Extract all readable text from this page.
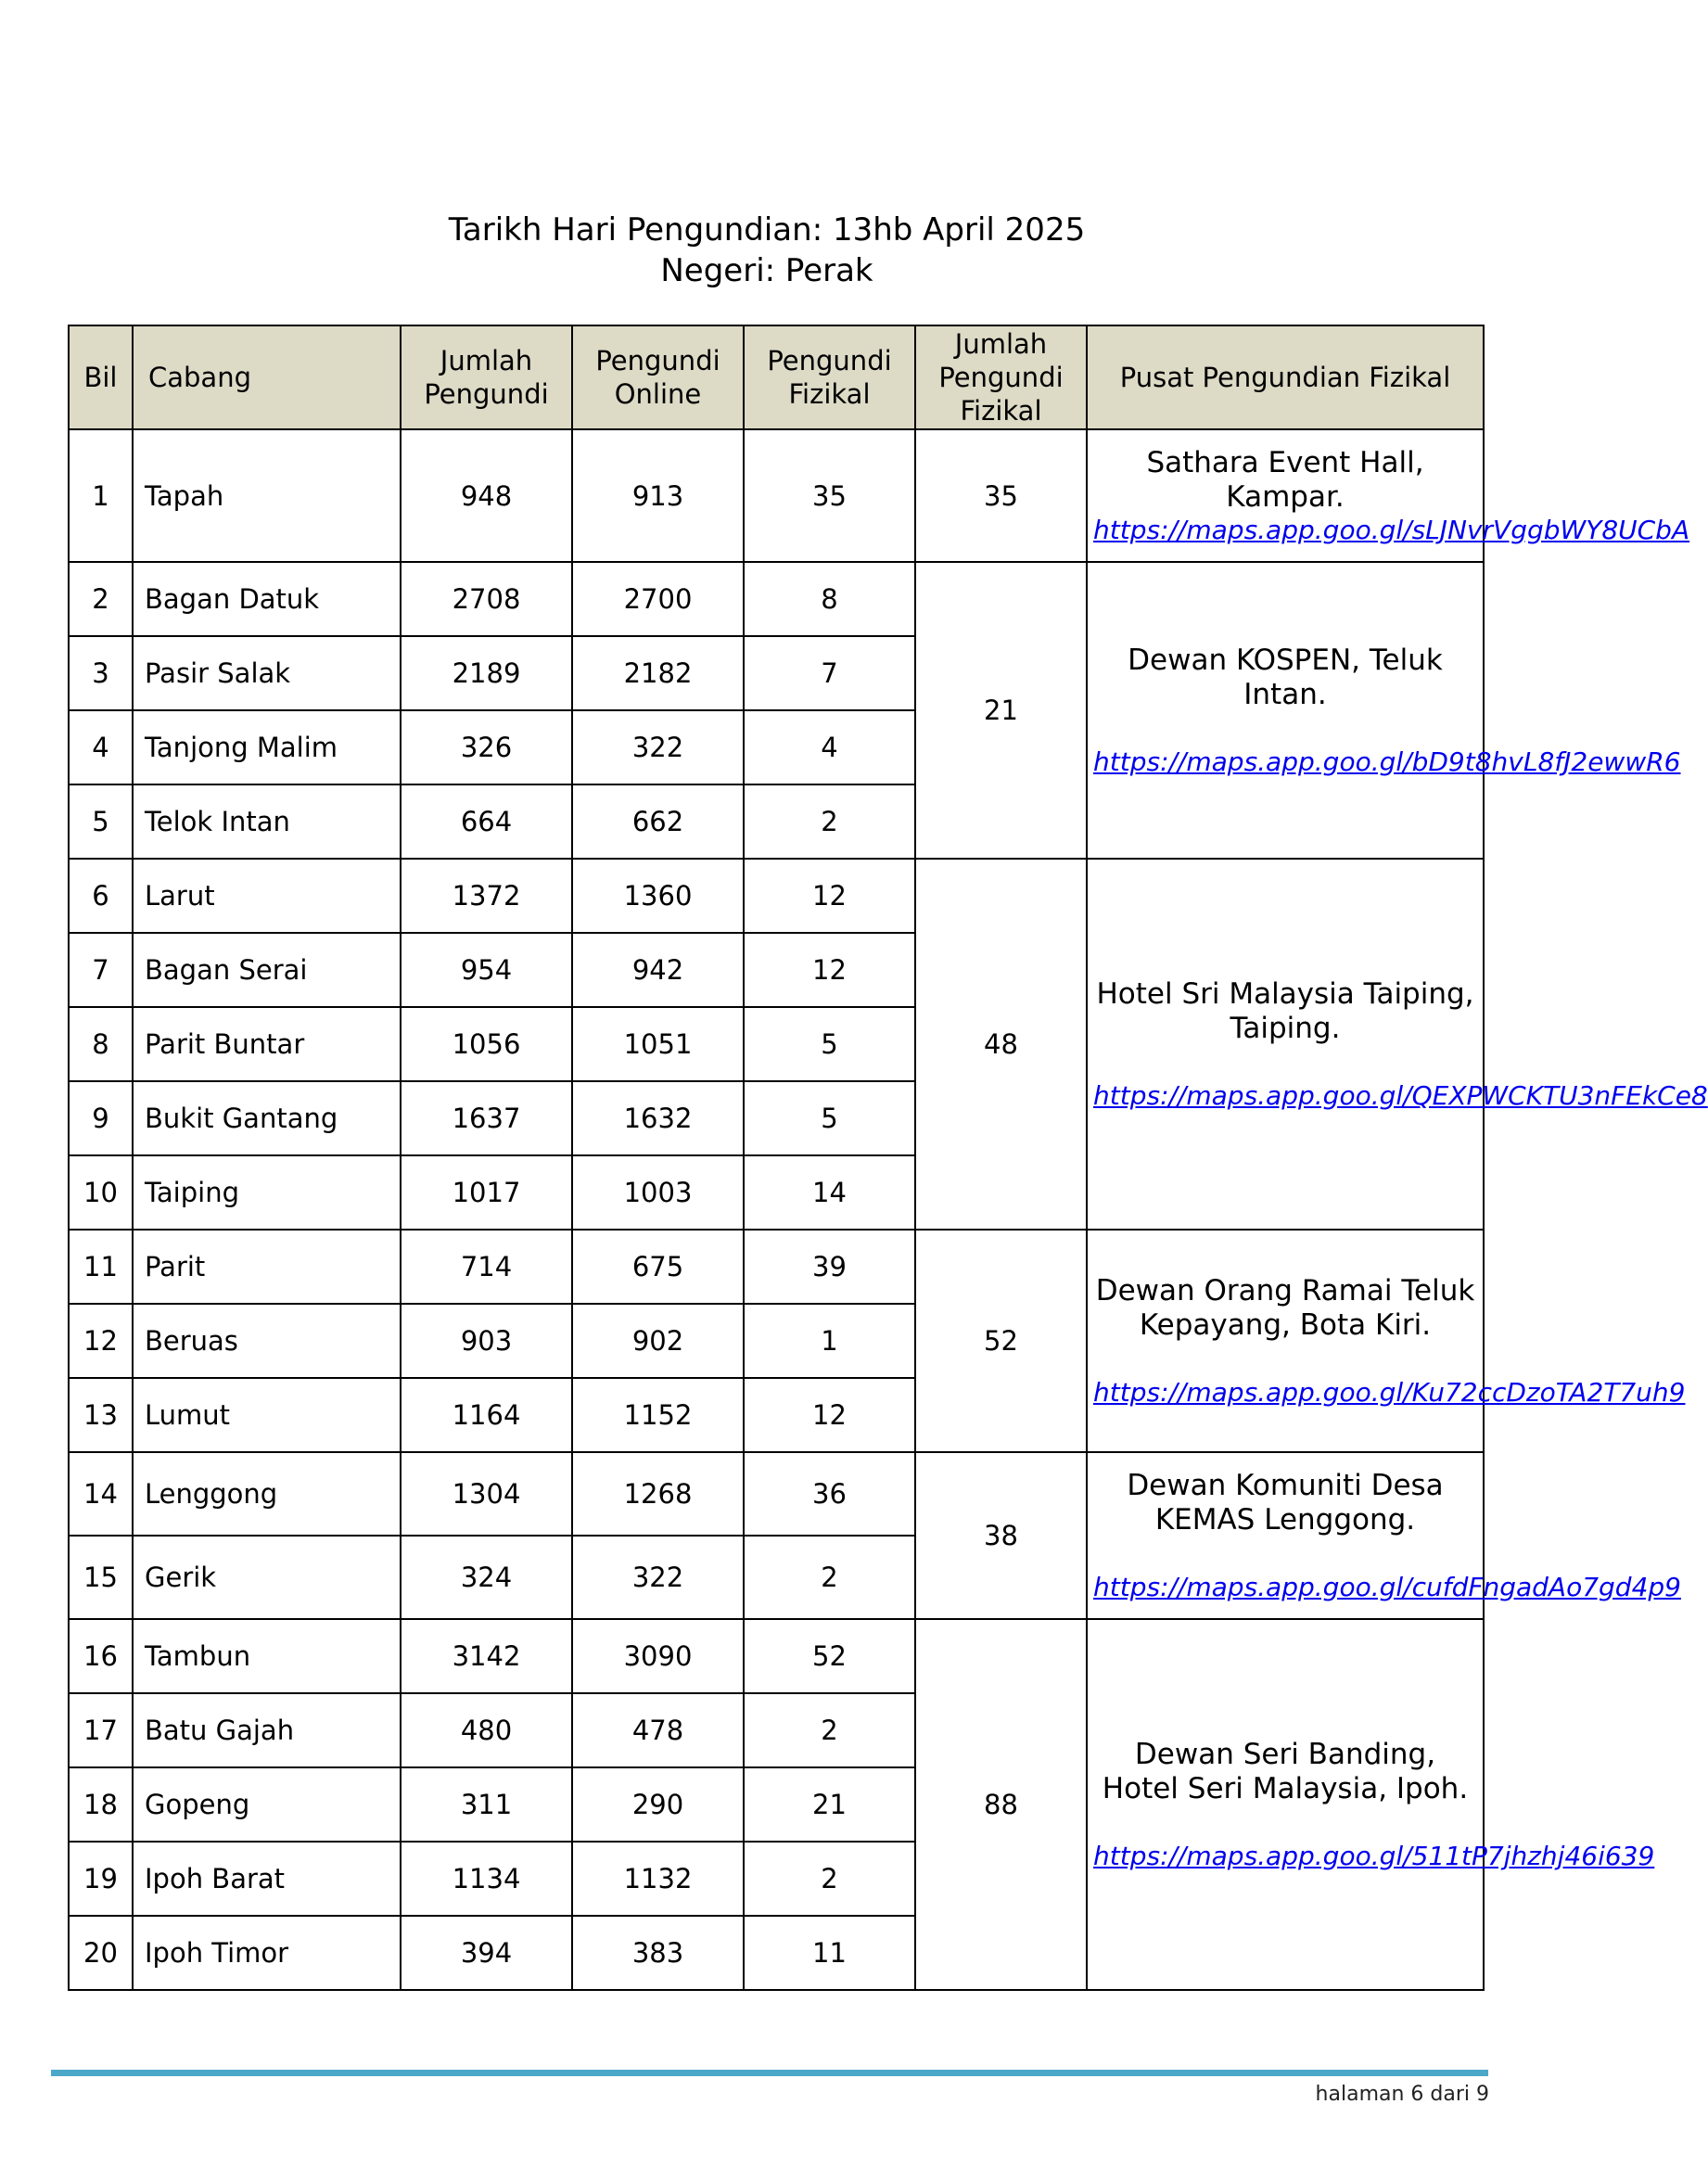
Tarikh Hari Pengundian: 13hb April 2025
Negeri: Perak
Bil	Cabang	Jumlah Pengundi	Pengundi Online	Pengundi Fizikal	Jumlah Pengundi Fizikal	Pusat Pengundian Fizikal
1	Tapah	948	913	35	35	Sathara Event Hall, Kampar.
https://maps.app.goo.gl/sLJNvrVggbWY8UCbA

2	Bagan Datuk	2708	2700	8	21	Dewan KOSPEN, Teluk Intan.
https://maps.app.goo.gl/bD9t8hvL8fJ2ewwR6

3	Pasir Salak	2189	2182	7		
4	Tanjong Malim	326	322	4		
5	Telok Intan	664	662	2		
6	Larut	1372	1360	12	48	Hotel Sri Malaysia Taiping, Taiping.
https://maps.app.goo.gl/QEXPWCKTU3nFEkCe8

7	Bagan Serai	954	942	12		
8	Parit Buntar	1056	1051	5		
9	Bukit Gantang	1637	1632	5		
10	Taiping	1017	1003	14		
11	Parit	714	675	39	52	Dewan Orang Ramai Teluk Kepayang, Bota Kiri.
https://maps.app.goo.gl/Ku72ccDzoTA2T7uh9

12	Beruas	903	902	1		
13	Lumut	1164	1152	12		
14	Lenggong	1304	1268	36	38	Dewan Komuniti Desa KEMAS Lenggong.
https://maps.app.goo.gl/cufdFngadAo7gd4p9

15	Gerik	324	322	2		
16	Tambun	3142	3090	52	88	Dewan Seri Banding, Hotel Seri Malaysia, Ipoh.
https://maps.app.goo.gl/511tP7jhzhj46i639

17	Batu Gajah	480	478	2		
18	Gopeng	311	290	21		
19	Ipoh Barat	1134	1132	2		
20	Ipoh Timor	394	383	11		
halaman 6 dari 9
